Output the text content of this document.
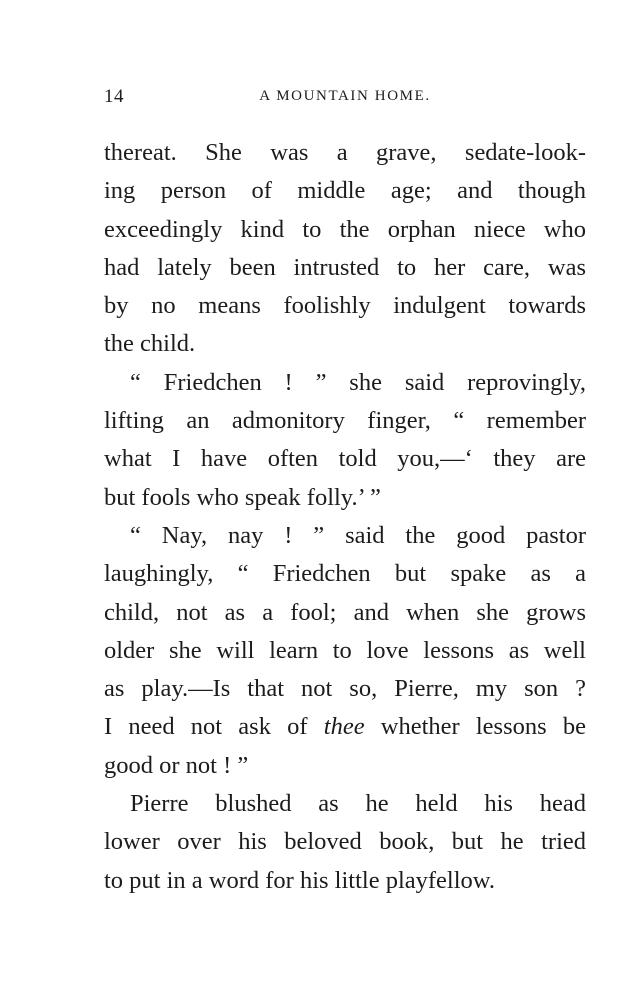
14	A MOUNTAIN HOME.
thereat. She was a grave, sedate-look-
ing person of middle age; and though
exceedingly kind to the orphan niece who
had lately been intrusted to her care, was
by no means foolishly indulgent towards
the child.
“ Friedchen ! ” she said reprovingly,
lifting an admonitory finger, “ remember
what I have often told you,—‘ they are
but fools who speak folly.’ ”
“ Nay, nay ! ” said the good pastor
laughingly, “ Friedchen but spake as a
child, not as a fool; and when she grows
older she will learn to love lessons as well
as play.—Is that not so, Pierre, my son ?
I need not ask of thee whether lessons be
good or not ! ”
Pierre blushed as he held his head
lower over his beloved book, but he tried
to put in a word for his little playfellow.
